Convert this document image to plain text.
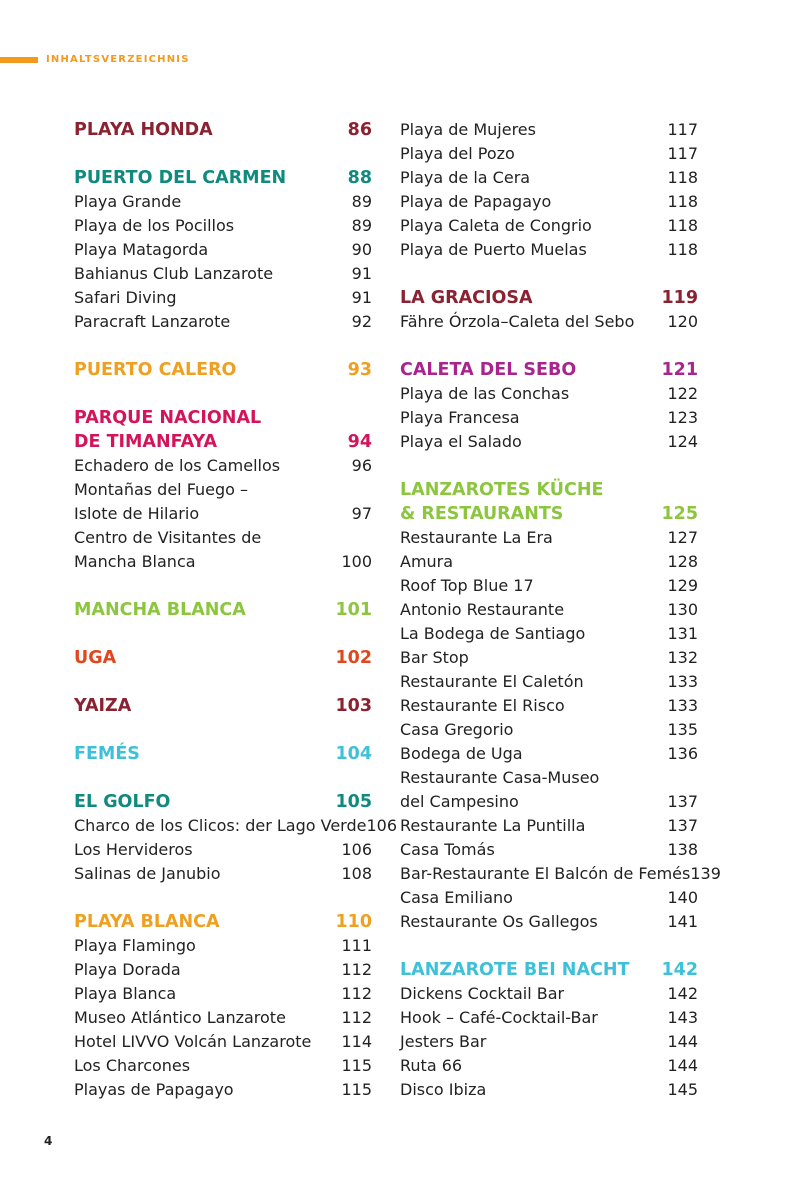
INHALTSVERZEICHNIS
PLAYA HONDA	86
PUERTO DEL CARMEN	88
Playa Grande	89
Playa de los Pocillos	89
Playa Matagorda	90
Bahianus Club Lanzarote	91
Safari Diving	91
Paracraft Lanzarote	92
PUERTO CALERO	93
PARQUE NACIONAL
DE TIMANFAYA	94
Echadero de los Camellos	96
Montañas del Fuego –
Islote de Hilario	97
Centro de Visitantes de
Mancha Blanca	100
MANCHA BLANCA	101
UGA	102
YAIZA	103
FEMÉS	104
EL GOLFO	105
Charco de los Clicos: der Lago Verde 106
Los Hervideros	106
Salinas de Janubio	108
PLAYA BLANCA	110
Playa Flamingo	111
Playa Dorada	112
Playa Blanca	112
Museo Atlántico Lanzarote	112
Hotel LIVVO Volcán Lanzarote 114
Los Charcones	115
Playas de Papagayo	115
Playa de Mujeres	117
Playa del Pozo	117
Playa de la Cera	118
Playa de Papagayo	118
Playa Caleta de Congrio	118
Playa de Puerto Muelas	118
LA GRACIOSA	119
Fähre Órzola–Caleta del Sebo 120
CALETA DEL SEBO	121
Playa de las Conchas	122
Playa Francesa	123
Playa el Salado	124
LANZAROTES KÜCHE
& RESTAURANTS	125
Restaurante La Era	127
Amura	128
Roof Top Blue 17	129
Antonio Restaurante	130
La Bodega de Santiago	131
Bar Stop	132
Restaurante El Caletón	133
Restaurante El Risco	133
Casa Gregorio	135
Bodega de Uga	136
Restaurante Casa-Museo
del Campesino	137
Restaurante La Puntilla	137
Casa Tomás	138
Bar-Restaurante El Balcón de Femés 139
Casa Emiliano	140
Restaurante Os Gallegos	141
LANZAROTE BEI NACHT 142
Dickens Cocktail Bar	142
Hook – Café-Cocktail-Bar	143
Jesters Bar	144
Ruta 66	144
Disco Ibiza	145
4
